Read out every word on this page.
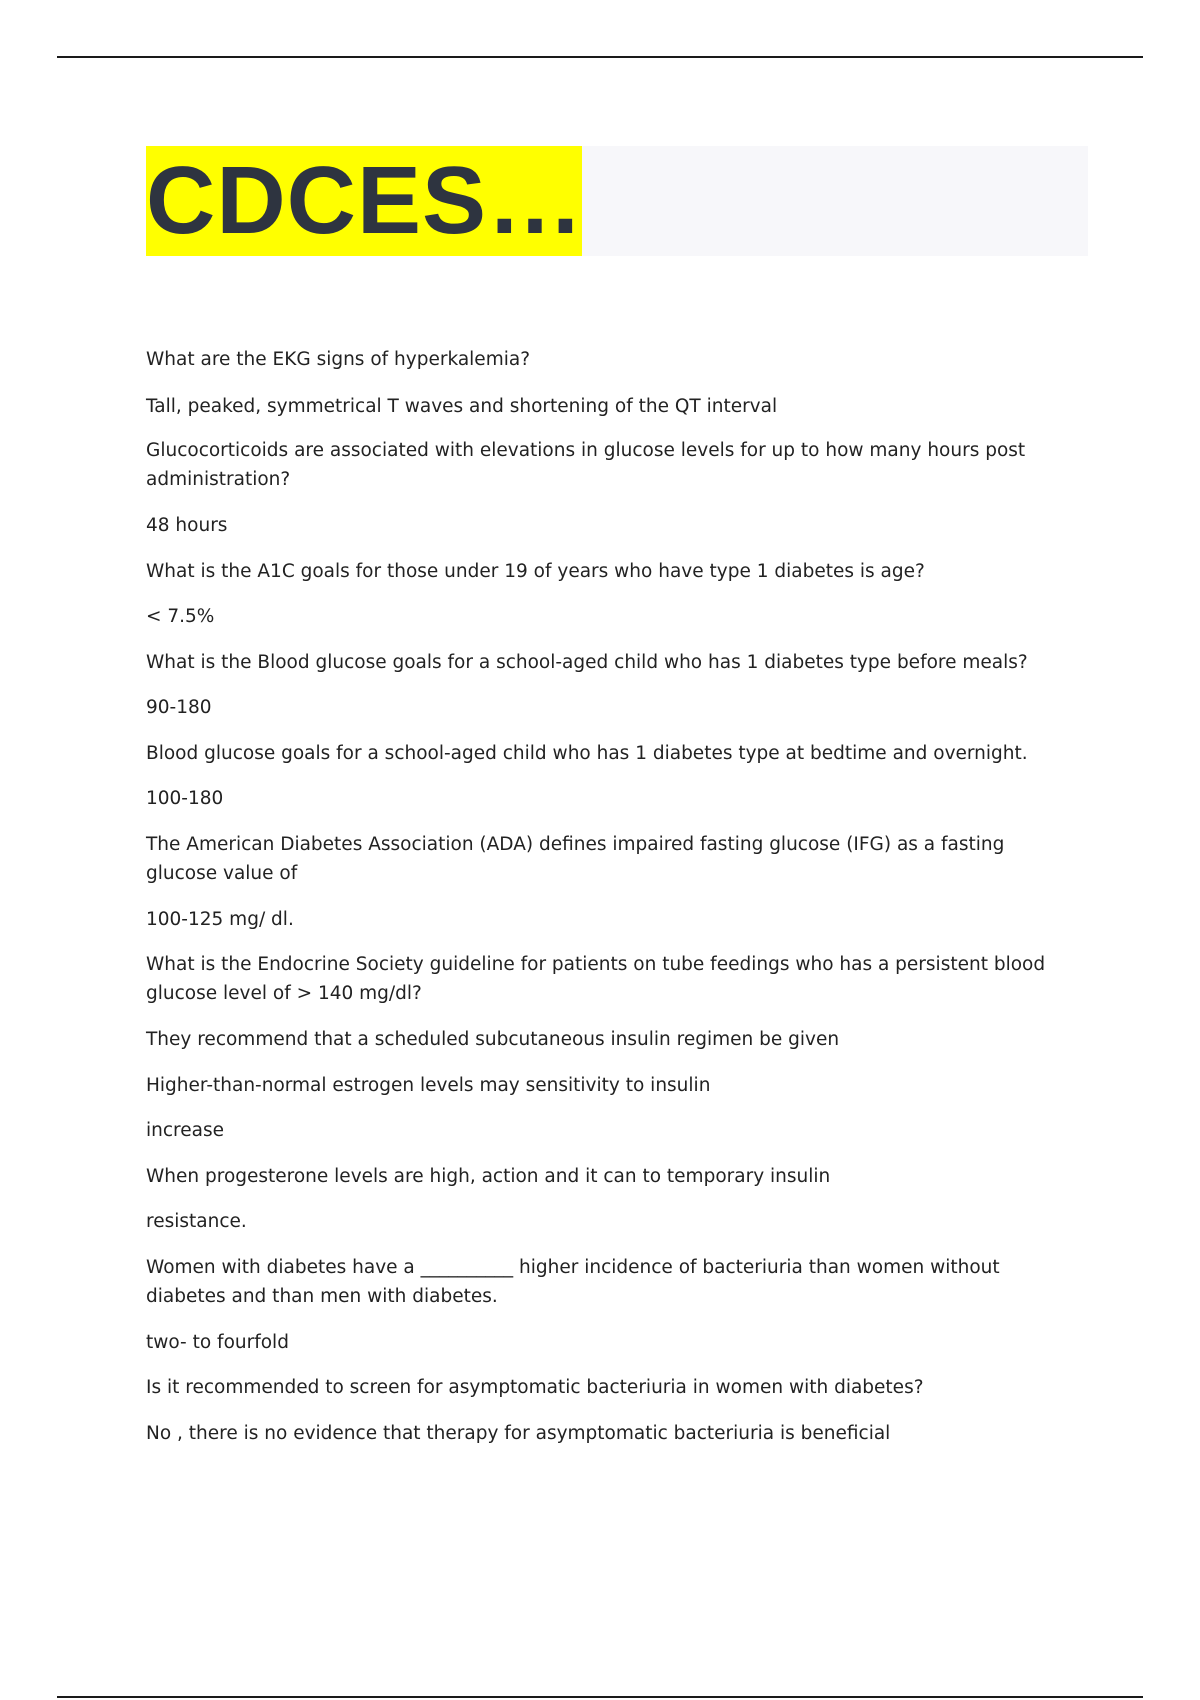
CDCES…

What are the EKG signs of hyperkalemia?

Tall, peaked, symmetrical T waves and shortening of the QT interval

Glucocorticoids are associated with elevations in glucose levels for up to how many hours post administration?

48 hours

What is the A1C goals for those under 19 of years who have type 1 diabetes is age?

< 7.5%

What is the Blood glucose goals for a school-aged child who has 1 diabetes type before meals?

90-180

Blood glucose goals for a school-aged child who has 1 diabetes type at bedtime and overnight.

100-180

The American Diabetes Association (ADA) defines impaired fasting glucose (IFG) as a fasting glucose value of

100-125 mg/ dl.

What is the Endocrine Society guideline for patients on tube feedings who has a persistent blood glucose level of > 140 mg/dl?

They recommend that a scheduled subcutaneous insulin regimen be given

Higher-than-normal estrogen levels may sensitivity to insulin

increase

When progesterone levels are high, action and it can to temporary insulin

resistance.

Women with diabetes have a __________ higher incidence of bacteriuria than women without diabetes and than men with diabetes.

two- to fourfold

Is it recommended to screen for asymptomatic bacteriuria in women with diabetes?

No , there is no evidence that therapy for asymptomatic bacteriuria is beneficial
